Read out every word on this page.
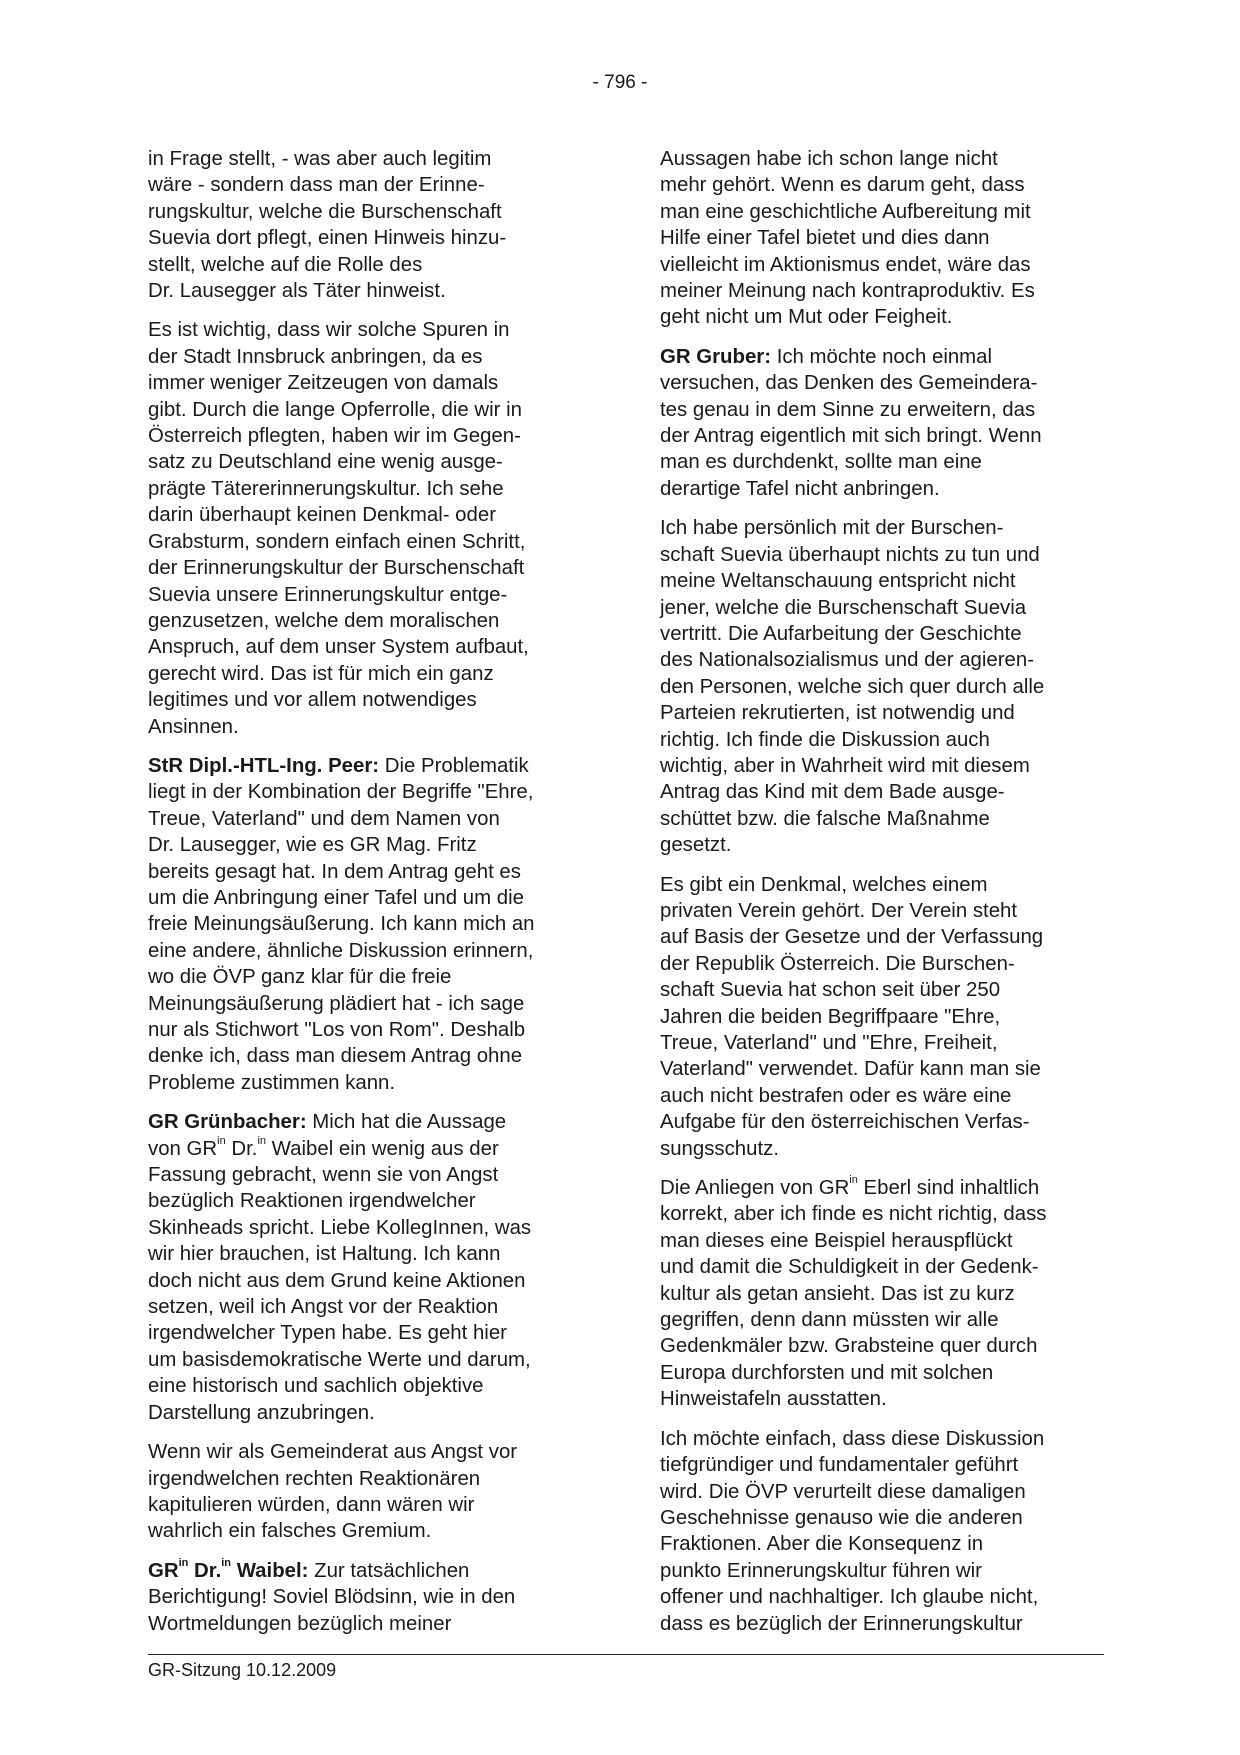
- 796 -

in Frage stellt, - was aber auch legitim
wäre - sondern dass man der Erinne-
rungskultur, welche die Burschenschaft
Suevia dort pflegt, einen Hinweis hinzu-
stellt, welche auf die Rolle des
Dr. Lausegger als Täter hinweist.

Es ist wichtig, dass wir solche Spuren in
der Stadt Innsbruck anbringen, da es
immer weniger Zeitzeugen von damals
gibt. Durch die lange Opferrolle, die wir in
Österreich pflegten, haben wir im Gegen-
satz zu Deutschland eine wenig ausge-
prägte Tätererinnerungskultur. Ich sehe
darin überhaupt keinen Denkmal- oder
Grabsturm, sondern einfach einen Schritt,
der Erinnerungskultur der Burschenschaft
Suevia unsere Erinnerungskultur entge-
genzusetzen, welche dem moralischen
Anspruch, auf dem unser System aufbaut,
gerecht wird. Das ist für mich ein ganz
legitimes und vor allem notwendiges
Ansinnen.

StR Dipl.-HTL-Ing. Peer: Die Problematik
liegt in der Kombination der Begriffe "Ehre,
Treue, Vaterland" und dem Namen von
Dr. Lausegger, wie es GR Mag. Fritz
bereits gesagt hat. In dem Antrag geht es
um die Anbringung einer Tafel und um die
freie Meinungsäußerung. Ich kann mich an
eine andere, ähnliche Diskussion erinnern,
wo die ÖVP ganz klar für die freie
Meinungsäußerung plädiert hat - ich sage
nur als Stichwort "Los von Rom". Deshalb
denke ich, dass man diesem Antrag ohne
Probleme zustimmen kann.

GR Grünbacher: Mich hat die Aussage
von $GR^{in}$ Dr.$^{in}$ Waibel ein wenig aus der
Fassung gebracht, wenn sie von Angst
bezüglich Reaktionen irgendwelcher
Skinheads spricht. Liebe KollegInnen, was
wir hier brauchen, ist Haltung. Ich kann
doch nicht aus dem Grund keine Aktionen
setzen, weil ich Angst vor der Reaktion
irgendwelcher Typen habe. Es geht hier
um basisdemokratische Werte und darum,
eine historisch und sachlich objektive
Darstellung anzubringen.

Wenn wir als Gemeinderat aus Angst vor
irgendwelchen rechten Reaktionären
kapitulieren würden, dann wären wir
wahrlich ein falsches Gremium.

$GR^{in}$ Dr.$^{in}$ Waibel: Zur tatsächlichen
Berichtigung! Soviel Blödsinn, wie in den
Wortmeldungen bezüglich meiner

Aussagen habe ich schon lange nicht
mehr gehört. Wenn es darum geht, dass
man eine geschichtliche Aufbereitung mit
Hilfe einer Tafel bietet und dies dann
vielleicht im Aktionismus endet, wäre das
meiner Meinung nach kontraproduktiv. Es
geht nicht um Mut oder Feigheit.

GR Gruber: Ich möchte noch einmal
versuchen, das Denken des Gemeindera-
tes genau in dem Sinne zu erweitern, das
der Antrag eigentlich mit sich bringt. Wenn
man es durchdenkt, sollte man eine
derartige Tafel nicht anbringen.

Ich habe persönlich mit der Burschen-
schaft Suevia überhaupt nichts zu tun und
meine Weltanschauung entspricht nicht
jener, welche die Burschenschaft Suevia
vertritt. Die Aufarbeitung der Geschichte
des Nationalsozialismus und der agieren-
den Personen, welche sich quer durch alle
Parteien rekrutierten, ist notwendig und
richtig. Ich finde die Diskussion auch
wichtig, aber in Wahrheit wird mit diesem
Antrag das Kind mit dem Bade ausge-
schüttet bzw. die falsche Maßnahme
gesetzt.

Es gibt ein Denkmal, welches einem
privaten Verein gehört. Der Verein steht
auf Basis der Gesetze und der Verfassung
der Republik Österreich. Die Burschen-
schaft Suevia hat schon seit über 250
Jahren die beiden Begriffpaare "Ehre,
Treue, Vaterland" und "Ehre, Freiheit,
Vaterland" verwendet. Dafür kann man sie
auch nicht bestrafen oder es wäre eine
Aufgabe für den österreichischen Verfas-
sungsschutz.

Die Anliegen von $GR^{in}$ Eberl sind inhaltlich
korrekt, aber ich finde es nicht richtig, dass
man dieses eine Beispiel herauspflückt
und damit die Schuldigkeit in der Gedenk-
kultur als getan ansieht. Das ist zu kurz
gegriffen, denn dann müssten wir alle
Gedenkmäler bzw. Grabsteine quer durch
Europa durchforsten und mit solchen
Hinweistafeln ausstatten.

Ich möchte einfach, dass diese Diskussion
tiefgründiger und fundamentaler geführt
wird. Die ÖVP verurteilt diese damaligen
Geschehnisse genauso wie die anderen
Fraktionen. Aber die Konsequenz in
punkto Erinnerungskultur führen wir
offener und nachhaltiger. Ich glaube nicht,
dass es bezüglich der Erinnerungskultur

GR-Sitzung 10.12.2009
